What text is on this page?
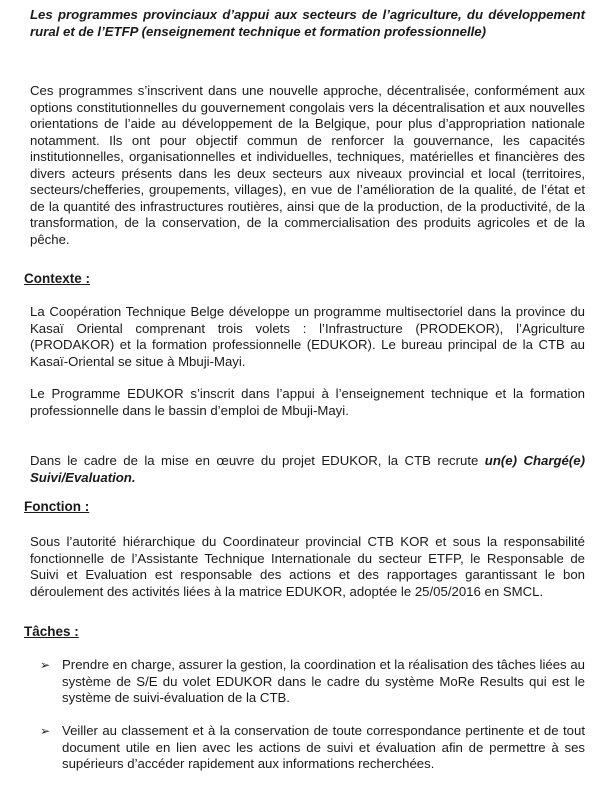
Les programmes provinciaux d’appui aux secteurs de l’agriculture, du développement rural et de l’ETFP (enseignement technique et formation professionnelle)
Ces programmes s’inscrivent dans une nouvelle approche, décentralisée, conformément aux options constitutionnelles du gouvernement congolais vers la décentralisation et aux nouvelles orientations de l’aide au développement de la Belgique, pour plus d’appropriation nationale notamment. Ils ont pour objectif commun de renforcer la gouvernance, les capacités institutionnelles, organisationnelles et individuelles, techniques, matérielles et financières des divers acteurs présents dans les deux secteurs aux niveaux provincial et local (territoires, secteurs/chefferies, groupements, villages), en vue de l’amélioration de la qualité, de l’état et de la quantité des infrastructures routières, ainsi que de la production, de la productivité, de la transformation, de la conservation, de la commercialisation des produits agricoles et de la pêche.
Contexte :
La Coopération Technique Belge développe un programme multisectoriel dans la province du Kasaï Oriental comprenant trois volets : l’Infrastructure (PRODEKOR), l’Agriculture (PRODAKOR) et la formation professionnelle (EDUKOR). Le bureau principal de la CTB au Kasaï-Oriental se situe à Mbuji-Mayi.
Le Programme EDUKOR s’inscrit dans l’appui à l’enseignement technique et la formation professionnelle dans le bassin d’emploi de Mbuji-Mayi.
Dans le cadre de la mise en œuvre du projet EDUKOR, la CTB recrute un(e) Chargé(e) Suivi/Evaluation.
Fonction :
Sous l’autorité hiérarchique du Coordinateur provincial CTB KOR et sous la responsabilité fonctionnelle de l’Assistante Technique Internationale du secteur ETFP, le Responsable de Suivi et Evaluation est responsable des actions et des rapportages garantissant le bon déroulement des activités liées à la matrice EDUKOR, adoptée le 25/05/2016 en SMCL.
Tâches :
➢ Prendre en charge, assurer la gestion, la coordination et la réalisation des tâches liées au système de S/E du volet EDUKOR dans le cadre du système MoRe Results qui est le système de suivi-évaluation de la CTB.
➢ Veiller au classement et à la conservation de toute correspondance pertinente et de tout document utile en lien avec les actions de suivi et évaluation afin de permettre à ses supérieurs d’accéder rapidement aux informations recherchées.
